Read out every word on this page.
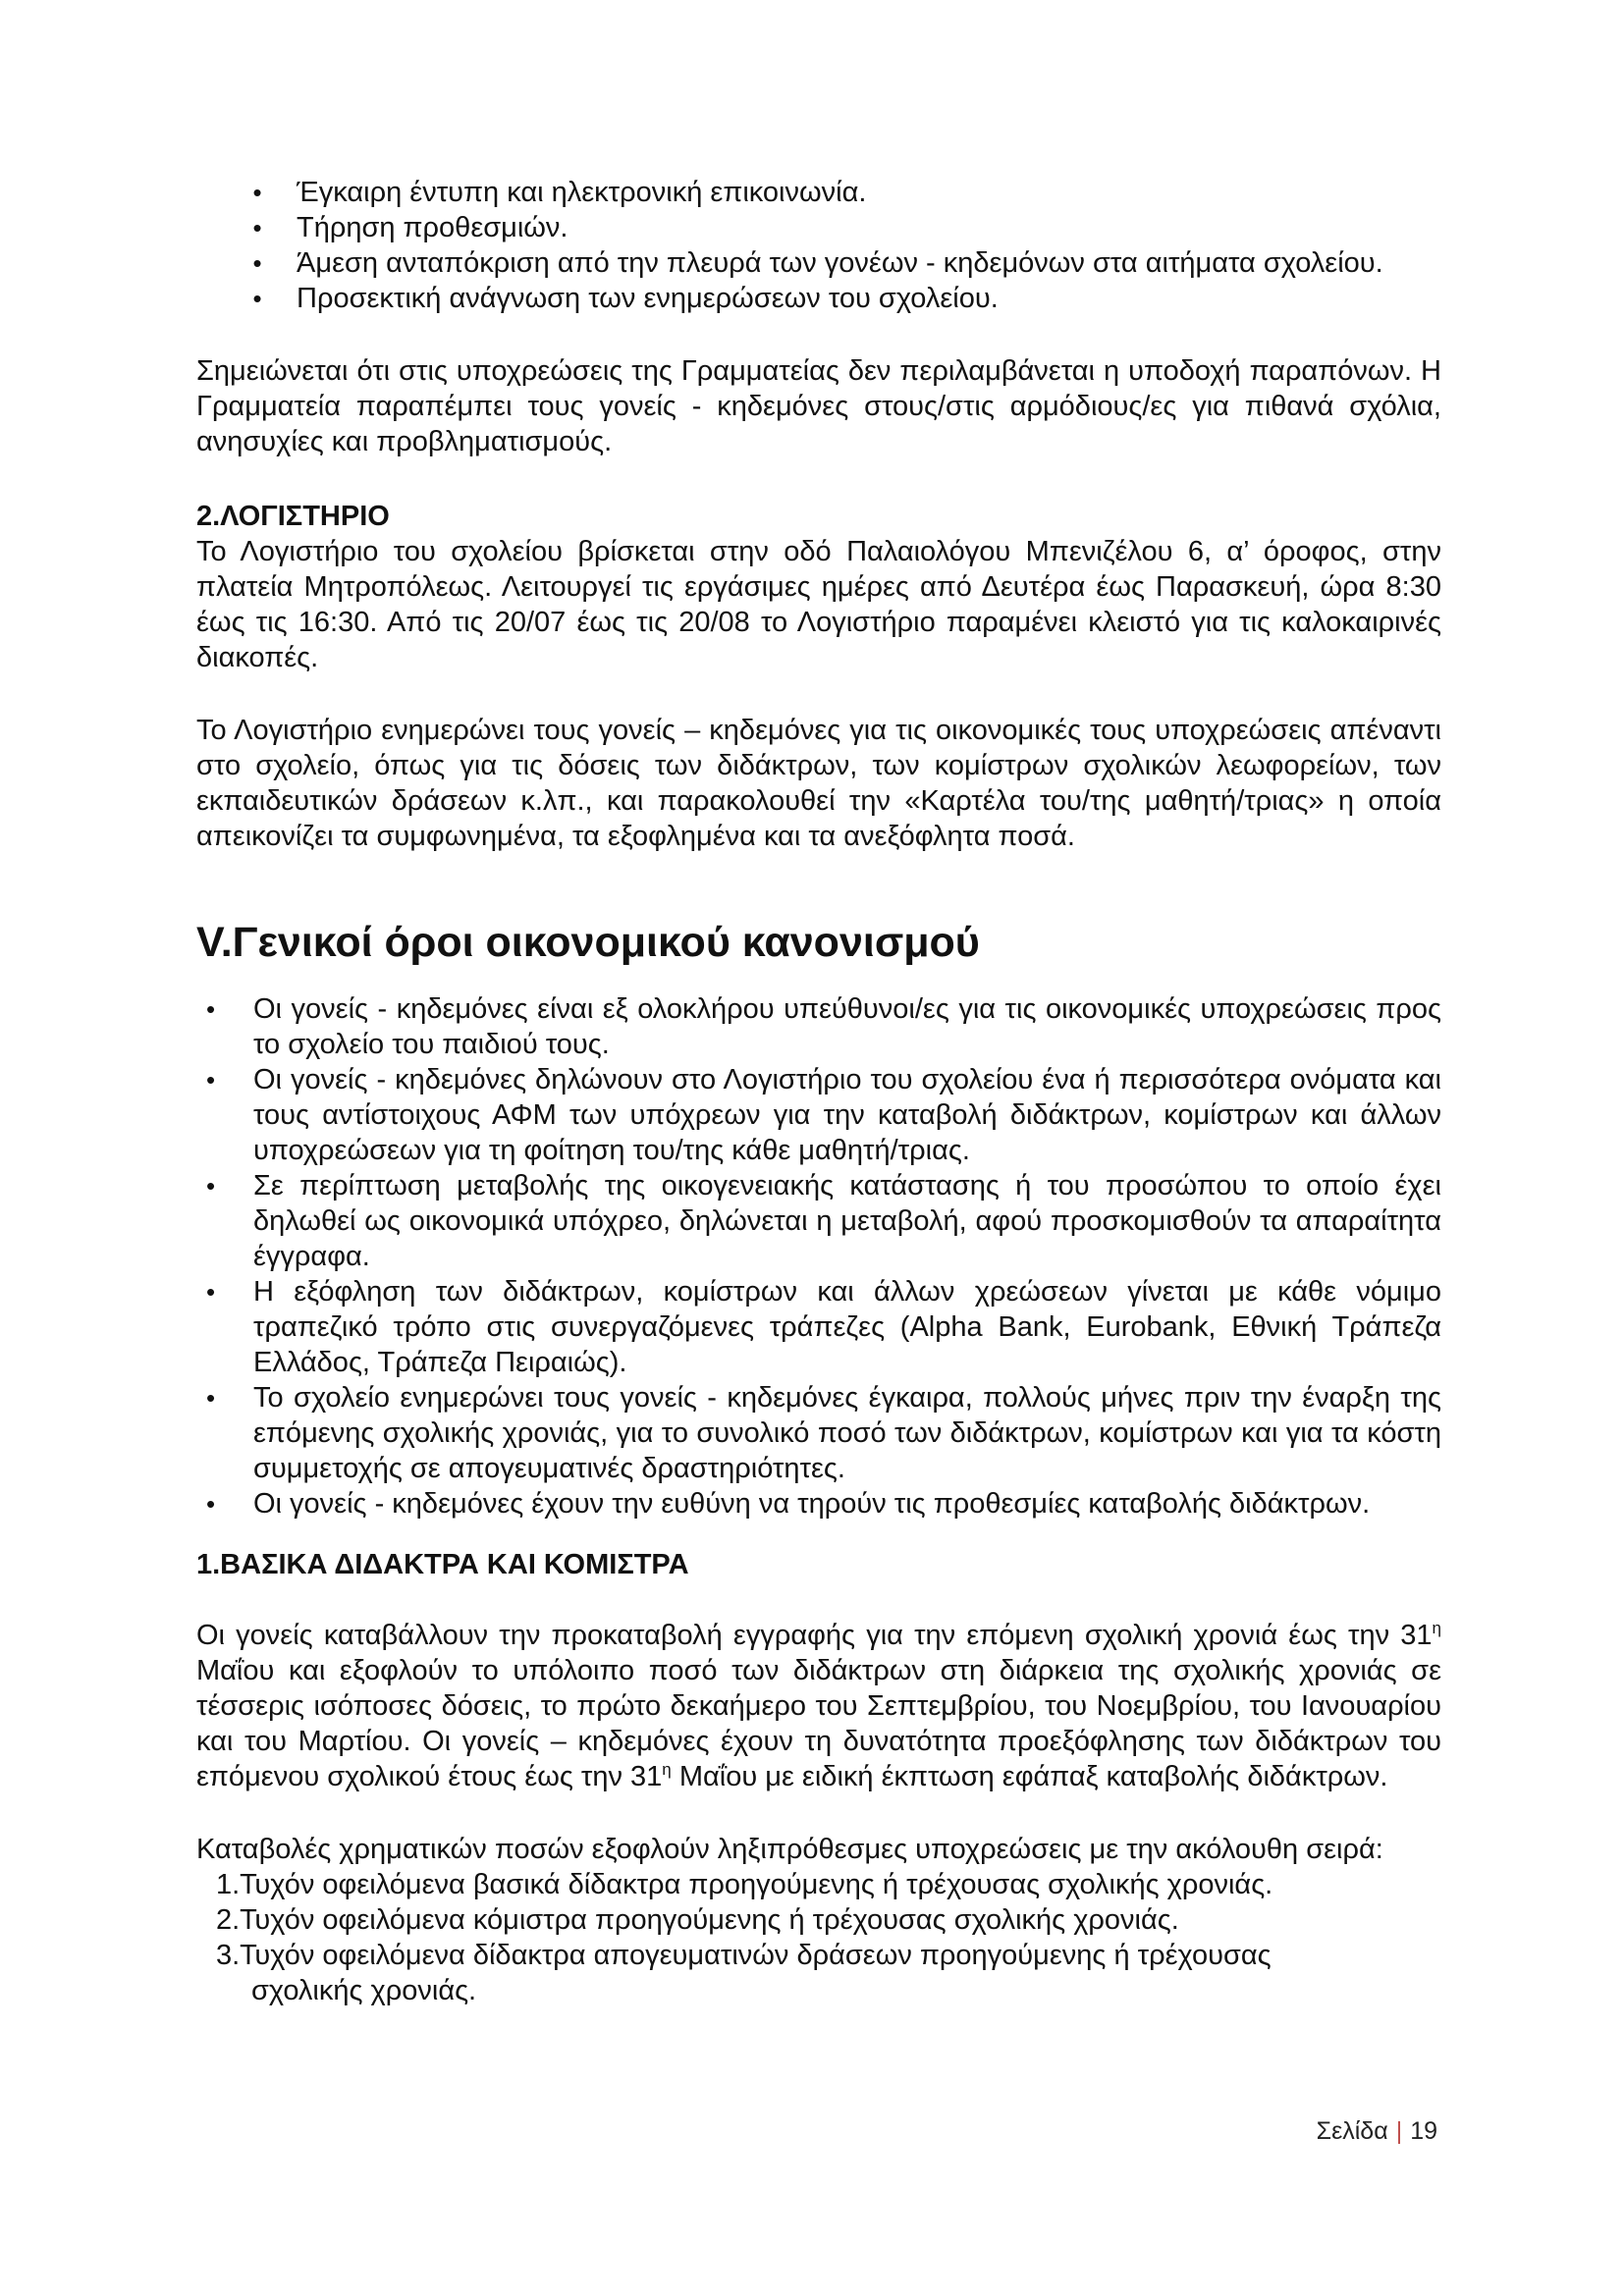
•
Έγκαιρη έντυπη και ηλεκτρονική επικοινωνία.
•
Τήρηση προθεσμιών.
•
Άμεση ανταπόκριση από την πλευρά των γονέων - κηδεμόνων στα αιτήματα σχολείου.
•
Προσεκτική ανάγνωση των ενημερώσεων του σχολείου.

Σημειώνεται ότι στις υποχρεώσεις της Γραμματείας δεν περιλαμβάνεται η υποδοχή παραπόνων. Η Γραμματεία παραπέμπει τους γονείς - κηδεμόνες στους/στις αρμόδιους/ες για πιθανά σχόλια, ανησυχίες και προβληματισμούς.

2.ΛΟΓΙΣΤΗΡΙΟ

Το Λογιστήριο του σχολείου βρίσκεται στην οδό Παλαιολόγου Μπενιζέλου 6, α’ όροφος, στην πλατεία Μητροπόλεως. Λειτουργεί τις εργάσιμες ημέρες από Δευτέρα έως Παρασκευή, ώρα 8:30 έως τις 16:30. Από τις 20/07 έως τις 20/08 το Λογιστήριο παραμένει κλειστό για τις καλοκαιρινές διακοπές.

Το Λογιστήριο ενημερώνει τους γονείς – κηδεμόνες για τις οικονομικές τους υποχρεώσεις απέναντι στο σχολείο, όπως για τις δόσεις των διδάκτρων, των κομίστρων σχολικών λεωφορείων, των εκπαιδευτικών δράσεων κ.λπ., και παρακολουθεί την «Καρτέλα του/της μαθητή/τριας» η οποία απεικονίζει τα συμφωνημένα, τα εξοφλημένα και τα ανεξόφλητα ποσά.

V.Γενικοί όροι οικονομικού κανονισμού
•
Οι γονείς - κηδεμόνες είναι εξ ολοκλήρου υπεύθυνοι/ες για τις οικονομικές υποχρεώσεις προς το σχολείο του παιδιού τους.
•
Οι γονείς - κηδεμόνες δηλώνουν στο Λογιστήριο του σχολείου ένα ή περισσότερα ονόματα και τους αντίστοιχους ΑΦΜ των υπόχρεων για την καταβολή διδάκτρων, κομίστρων και άλλων υποχρεώσεων για τη φοίτηση του/της κάθε μαθητή/τριας.
•
Σε περίπτωση μεταβολής της οικογενειακής κατάστασης ή του προσώπου το οποίο έχει δηλωθεί ως οικονομικά υπόχρεο, δηλώνεται η μεταβολή, αφού προσκομισθούν τα απαραίτητα έγγραφα.
•
Η εξόφληση των διδάκτρων, κομίστρων και άλλων χρεώσεων γίνεται με κάθε νόμιμο τραπεζικό τρόπο στις συνεργαζόμενες τράπεζες (Alpha Bank, Eurobank, Εθνική Τράπεζα Ελλάδος, Τράπεζα Πειραιώς).
•
Το σχολείο ενημερώνει τους γονείς - κηδεμόνες έγκαιρα, πολλούς μήνες πριν την έναρξη της επόμενης σχολικής χρονιάς, για το συνολικό ποσό των διδάκτρων, κομίστρων και για τα κόστη συμμετοχής σε απογευματινές δραστηριότητες.
•
Οι γονείς - κηδεμόνες έχουν την ευθύνη να τηρούν τις προθεσμίες καταβολής διδάκτρων.
1.ΒΑΣΙΚΑ ΔΙΔΑΚΤΡΑ ΚΑΙ ΚΟΜΙΣΤΡΑ

Οι γονείς καταβάλλουν την προκαταβολή εγγραφής για την επόμενη σχολική χρονιά έως την $31^\eta$ Μαΐου και εξοφλούν το υπόλοιπο ποσό των διδάκτρων στη διάρκεια της σχολικής χρονιάς σε τέσσερις ισόποσες δόσεις, το πρώτο δεκαήμερο του Σεπτεμβρίου, του Νοεμβρίου, του Ιανουαρίου και του Μαρτίου. Οι γονείς – κηδεμόνες έχουν τη δυνατότητα προεξόφλησης των διδάκτρων του επόμενου σχολικού έτους έως την $31^\eta$ Μαΐου με ειδική έκπτωση εφάπαξ καταβολής διδάκτρων.

Καταβολές χρηματικών ποσών εξοφλούν ληξιπρόθεσμες υποχρεώσεις με την ακόλουθη σειρά:

1.Τυχόν οφειλόμενα βασικά δίδακτρα προηγούμενης ή τρέχουσας σχολικής χρονιάς.
2.Τυχόν οφειλόμενα κόμιστρα προηγούμενης ή τρέχουσας σχολικής χρονιάς.
3.Τυχόν οφειλόμενα δίδακτρα απογευματινών δράσεων προηγούμενης ή τρέχουσας
σχολικής χρονιάς.
Σελίδα | 19
